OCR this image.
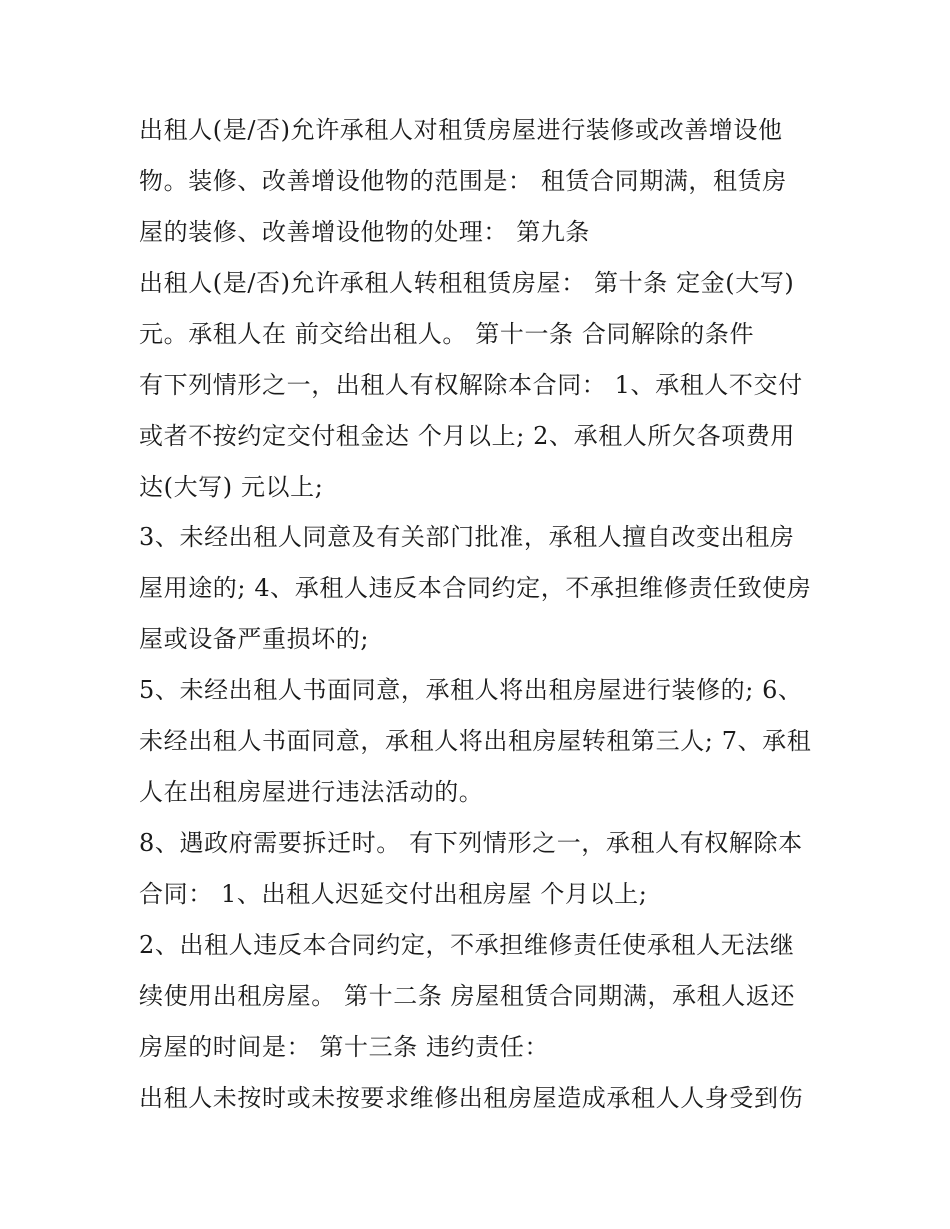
出租人(是/否)允许承租人对租赁房屋进行装修或改善增设他
物。装修、改善增设他物的范围是： 租赁合同期满，租赁房
屋的装修、改善增设他物的处理： 第九条
出租人(是/否)允许承租人转租租赁房屋： 第十条 定金(大写)
元。承租人在 前交给出租人。 第十一条 合同解除的条件
有下列情形之一，出租人有权解除本合同： 1、承租人不交付
或者不按约定交付租金达 个月以上; 2、承租人所欠各项费用
达(大写) 元以上;
3、未经出租人同意及有关部门批准，承租人擅自改变出租房
屋用途的; 4、承租人违反本合同约定，不承担维修责任致使房
屋或设备严重损坏的;
5、未经出租人书面同意，承租人将出租房屋进行装修的; 6、
未经出租人书面同意，承租人将出租房屋转租第三人; 7、承租
人在出租房屋进行违法活动的。
8、遇政府需要拆迁时。 有下列情形之一，承租人有权解除本
合同： 1、出租人迟延交付出租房屋 个月以上;
2、出租人违反本合同约定，不承担维修责任使承租人无法继
续使用出租房屋。 第十二条 房屋租赁合同期满，承租人返还
房屋的时间是： 第十三条 违约责任：
出租人未按时或未按要求维修出租房屋造成承租人人身受到伤
